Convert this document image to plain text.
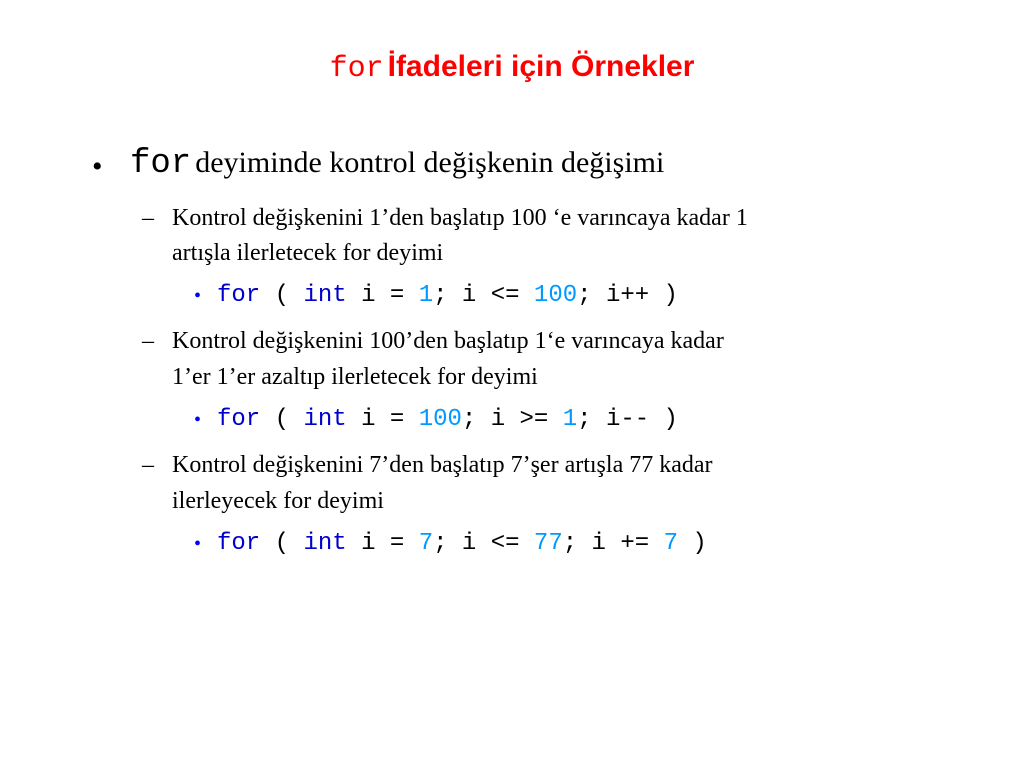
for İfadeleri için Örnekler
• for deyiminde kontrol değişkenin değişimi
– Kontrol değişkenini 1’den başlatıp 100 ‘e varıncaya kadar 1
artışla ilerletecek for deyimi
• for ( int i = 1; i <= 100; i++ )
– Kontrol değişkenini 100’den başlatıp 1‘e varıncaya kadar
1’er 1’er azaltıp ilerletecek for deyimi
• for ( int i = 100; i >= 1; i-- )
– Kontrol değişkenini 7’den başlatıp 7’şer artışla 77 kadar
ilerleyecek for deyimi
• for ( int i = 7; i <= 77; i += 7 )
